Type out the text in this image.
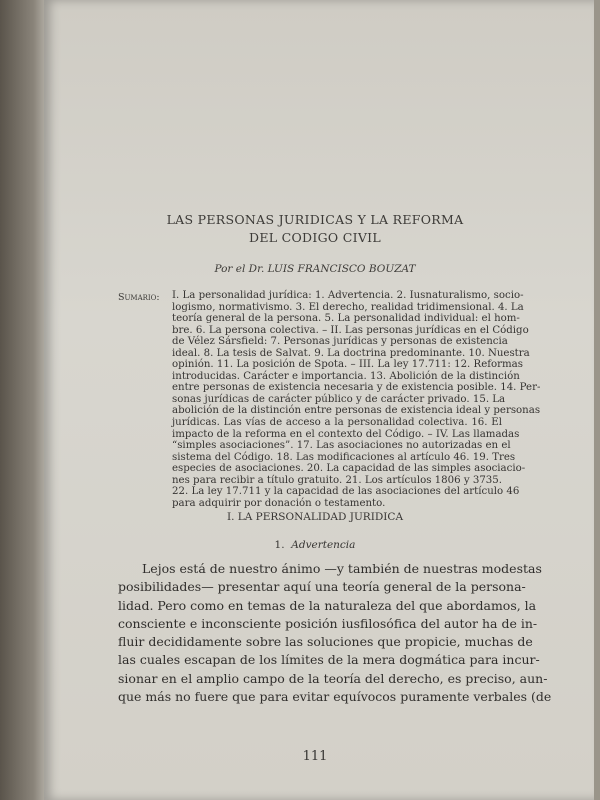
LAS PERSONAS JURIDICAS Y LA REFORMA
DEL CODIGO CIVIL
Por el Dr. LUIS FRANCISCO BOUZAT
Sumario: I. La personalidad jurídica: 1. Advertencia. 2. Iusnaturalismo, socio-
logismo, normativismo. 3. El derecho, realidad tridimensional. 4. La
teoría general de la persona. 5. La personalidad individual: el hom-
bre. 6. La persona colectiva. – II. Las personas jurídicas en el Código
de Vélez Sársfield: 7. Personas jurídicas y personas de existencia
ideal. 8. La tesis de Salvat. 9. La doctrina predominante. 10. Nuestra
opinión. 11. La posición de Spota. – III. La ley 17.711: 12. Reformas
introducidas. Carácter e importancia. 13. Abolición de la distinción
entre personas de existencia necesaria y de existencia posible. 14. Per-
sonas jurídicas de carácter público y de carácter privado. 15. La
abolición de la distinción entre personas de existencia ideal y personas
jurídicas. Las vías de acceso a la personalidad colectiva. 16. El
impacto de la reforma en el contexto del Código. – IV. Las llamadas
“simples asociaciones”. 17. Las asociaciones no autorizadas en el
sistema del Código. 18. Las modificaciones al artículo 46. 19. Tres
especies de asociaciones. 20. La capacidad de las simples asociacio-
nes para recibir a título gratuito. 21. Los artículos 1806 y 3735.
22. La ley 17.711 y la capacidad de las asociaciones del artículo 46
para adquirir por donación o testamento.
I. LA PERSONALIDAD JURIDICA
1. Advertencia
Lejos está de nuestro ánimo —y también de nuestras modestas
posibilidades— presentar aquí una teoría general de la persona-
lidad. Pero como en temas de la naturaleza del que abordamos, la
consciente e inconsciente posición iusfilosófica del autor ha de in-
fluir decididamente sobre las soluciones que propicie, muchas de
las cuales escapan de los límites de la mera dogmática para incur-
sionar en el amplio campo de la teoría del derecho, es preciso, aun-
que más no fuere que para evitar equívocos puramente verbales (de
111
